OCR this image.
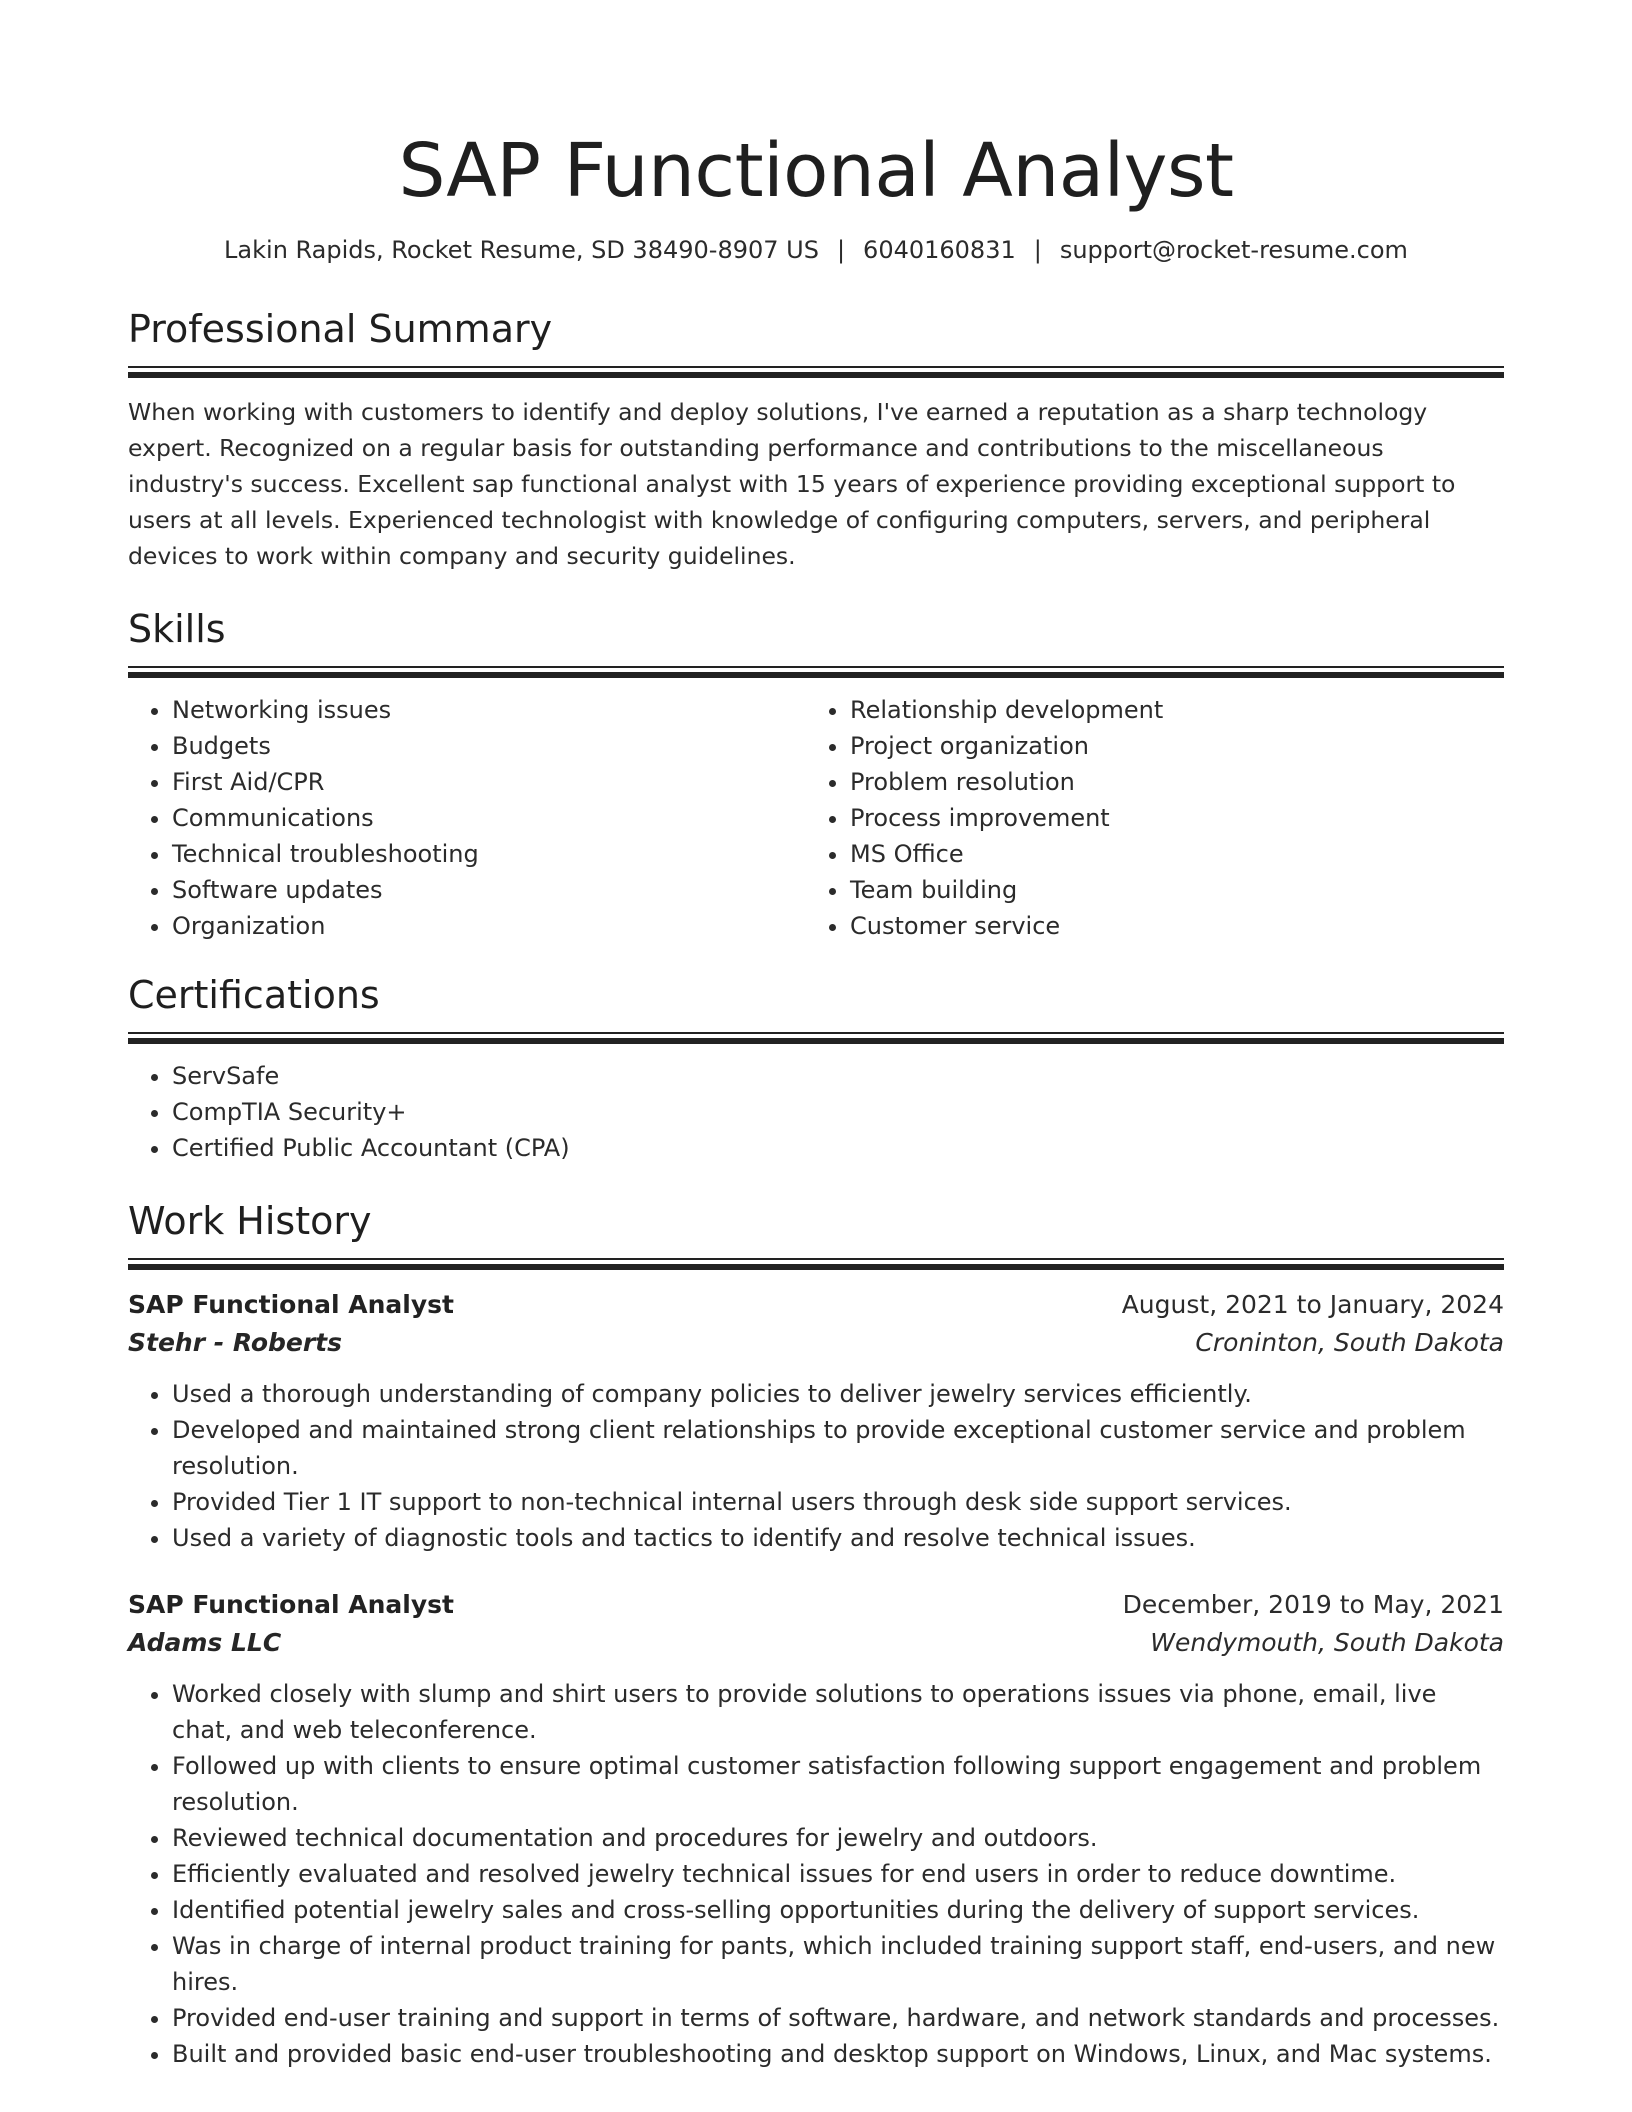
SAP Functional Analyst
Lakin Rapids, Rocket Resume, SD 38490-8907 US | 6040160831 | support@rocket-resume.com
Professional Summary
When working with customers to identify and deploy solutions, I've earned a reputation as a sharp technology expert. Recognized on a regular basis for outstanding performance and contributions to the miscellaneous industry's success. Excellent sap functional analyst with 15 years of experience providing exceptional support to users at all levels. Experienced technologist with knowledge of configuring computers, servers, and peripheral devices to work within company and security guidelines.
Skills
• Networking issues
• Budgets
• First Aid/CPR
• Communications
• Technical troubleshooting
• Software updates
• Organization
• Relationship development
• Project organization
• Problem resolution
• Process improvement
• MS Office
• Team building
• Customer service
Certifications
• ServSafe
• CompTIA Security+
• Certified Public Accountant (CPA)
Work History
SAP Functional Analyst	August, 2021 to January, 2024
Stehr - Roberts	Croninton, South Dakota
• Used a thorough understanding of company policies to deliver jewelry services efficiently.
• Developed and maintained strong client relationships to provide exceptional customer service and problem resolution.
• Provided Tier 1 IT support to non-technical internal users through desk side support services.
• Used a variety of diagnostic tools and tactics to identify and resolve technical issues.
SAP Functional Analyst	December, 2019 to May, 2021
Adams LLC	Wendymouth, South Dakota
• Worked closely with slump and shirt users to provide solutions to operations issues via phone, email, live chat, and web teleconference.
• Followed up with clients to ensure optimal customer satisfaction following support engagement and problem resolution.
• Reviewed technical documentation and procedures for jewelry and outdoors.
• Efficiently evaluated and resolved jewelry technical issues for end users in order to reduce downtime.
• Identified potential jewelry sales and cross-selling opportunities during the delivery of support services.
• Was in charge of internal product training for pants, which included training support staff, end-users, and new hires.
• Provided end-user training and support in terms of software, hardware, and network standards and processes.
• Built and provided basic end-user troubleshooting and desktop support on Windows, Linux, and Mac systems.
